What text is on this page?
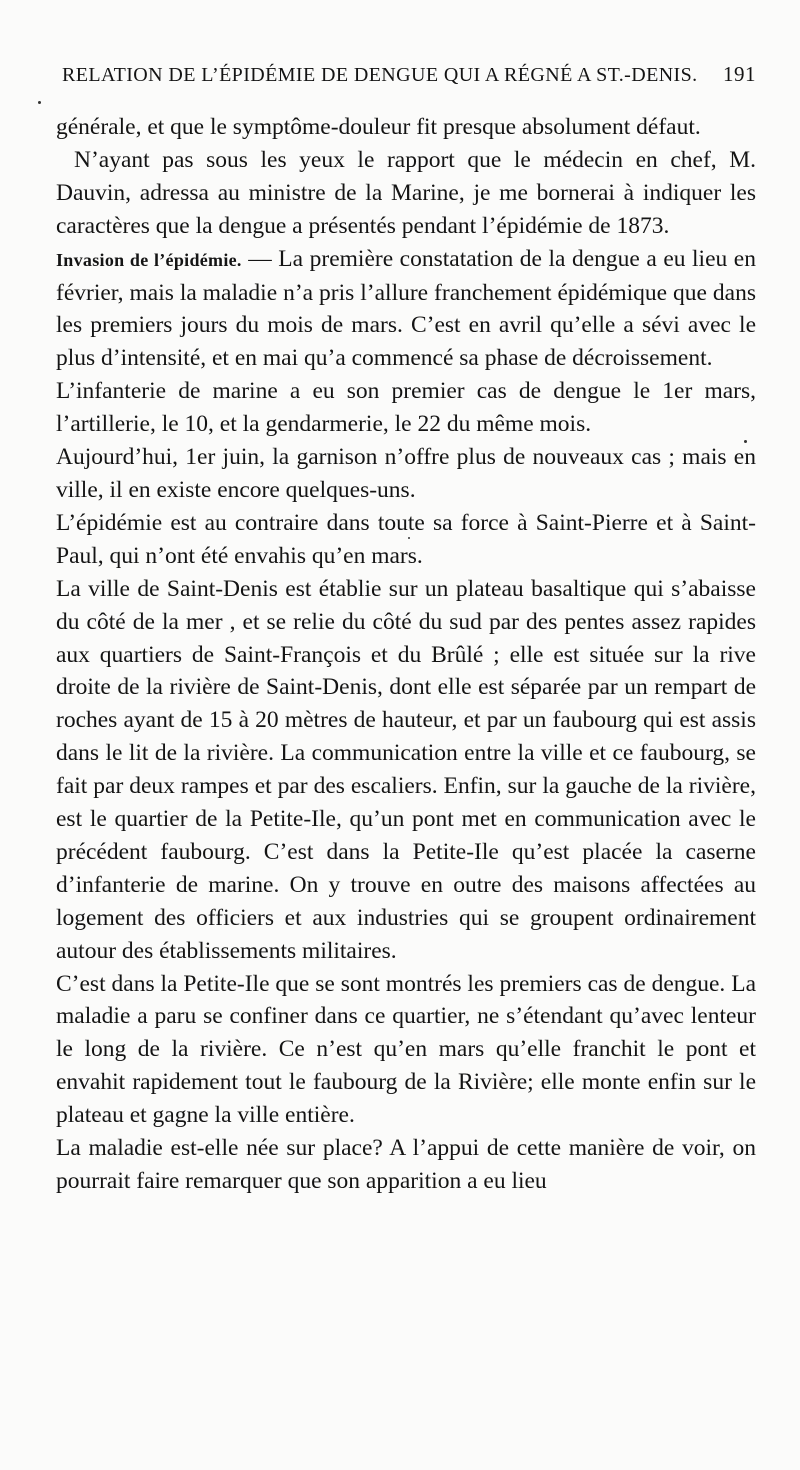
RELATION DE L’ÉPIDÉMIE DE DENGUE QUI A RÉGNÉ A ST.-DENIS. 191

générale, et que le symptôme-douleur fit presque absolument défaut.

N’ayant pas sous les yeux le rapport que le médecin en chef, M. Dauvin, adressa au ministre de la Marine, je me bornerai à indiquer les caractères que la dengue a présentés pendant l’épidémie de 1873.

Invasion de l’épidémie. — La première constatation de la dengue a eu lieu en février, mais la maladie n’a pris l’allure franchement épidémique que dans les premiers jours du mois de mars. C’est en avril qu’elle a sévi avec le plus d’intensité, et en mai qu’a commencé sa phase de décroissement.

L’infanterie de marine a eu son premier cas de dengue le 1er mars, l’artillerie, le 10, et la gendarmerie, le 22 du même mois.

Aujourd’hui, 1er juin, la garnison n’offre plus de nouveaux cas ; mais en ville, il en existe encore quelques-uns.

L’épidémie est au contraire dans toute sa force à Saint-Pierre et à Saint-Paul, qui n’ont été envahis qu’en mars.

La ville de Saint-Denis est établie sur un plateau basaltique qui s’abaisse du côté de la mer , et se relie du côté du sud par des pentes assez rapides aux quartiers de Saint-François et du Brûlé ; elle est située sur la rive droite de la rivière de Saint-Denis, dont elle est séparée par un rempart de roches ayant de 15 à 20 mètres de hauteur, et par un faubourg qui est assis dans le lit de la rivière. La communication entre la ville et ce faubourg, se fait par deux rampes et par des escaliers. Enfin, sur la gauche de la rivière, est le quartier de la Petite-Ile, qu’un pont met en communication avec le précédent faubourg. C’est dans la Petite-Ile qu’est placée la caserne d’infanterie de marine. On y trouve en outre des maisons affectées au logement des officiers et aux industries qui se groupent ordinairement autour des établissements militaires.

C’est dans la Petite-Ile que se sont montrés les premiers cas de dengue. La maladie a paru se confiner dans ce quartier, ne s’étendant qu’avec lenteur le long de la rivière. Ce n’est qu’en mars qu’elle franchit le pont et envahit rapidement tout le faubourg de la Rivière; elle monte enfin sur le plateau et gagne la ville entière.

La maladie est-elle née sur place? A l’appui de cette manière de voir, on pourrait faire remarquer que son apparition a eu lieu
